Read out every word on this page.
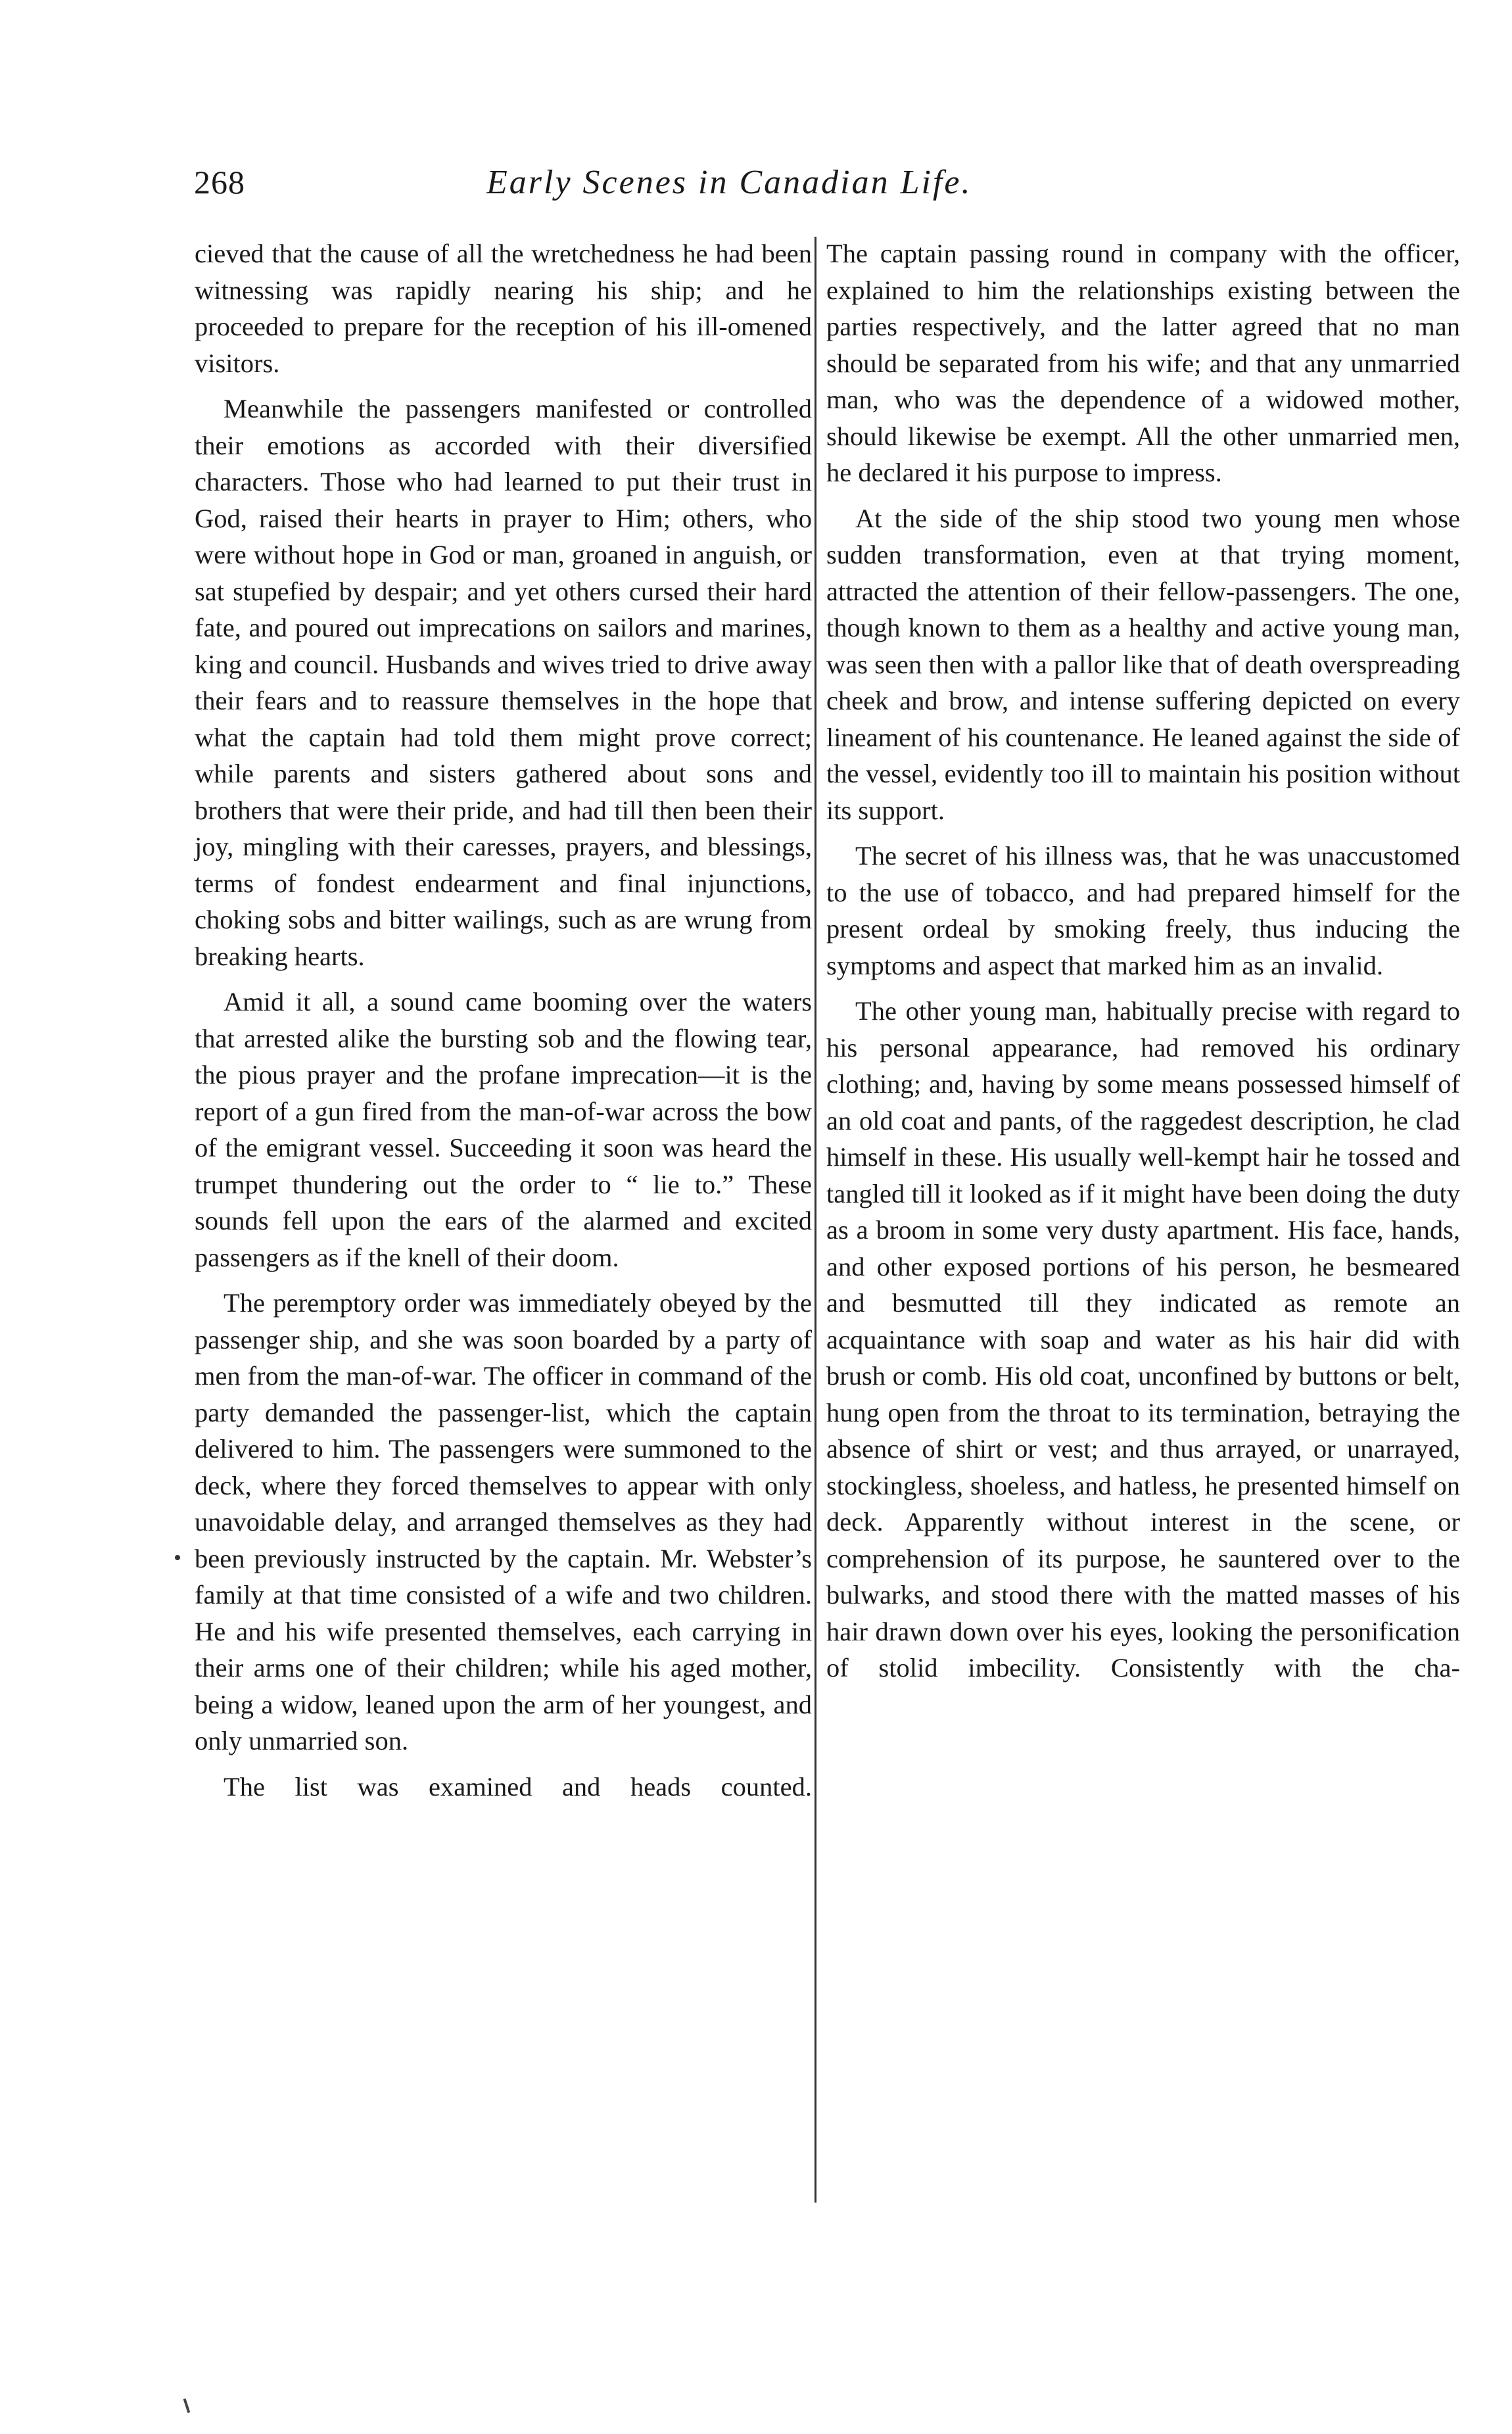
268	Early Scenes in Canadian Life.

cieved that the cause of all the wretchedness he had been witnessing was rapidly nearing his ship; and he proceeded to prepare for the reception of his ill-omened visitors.

Meanwhile the passengers manifested or controlled their emotions as accorded with their diversified characters. Those who had learned to put their trust in God, raised their hearts in prayer to Him; others, who were without hope in God or man, groaned in anguish, or sat stupefied by despair; and yet others cursed their hard fate, and poured out imprecations on sailors and marines, king and council. Husbands and wives tried to drive away their fears and to reassure themselves in the hope that what the captain had told them might prove correct; while parents and sisters gathered about sons and brothers that were their pride, and had till then been their joy, mingling with their caresses, prayers, and blessings, terms of fondest endearment and final injunctions, choking sobs and bitter wailings, such as are wrung from breaking hearts.

Amid it all, a sound came booming over the waters that arrested alike the bursting sob and the flowing tear, the pious prayer and the profane imprecation—it is the report of a gun fired from the man-of-war across the bow of the emigrant vessel. Succeeding it soon was heard the trumpet thundering out the order to “ lie to.” These sounds fell upon the ears of the alarmed and excited passengers as if the knell of their doom.

The peremptory order was immediately obeyed by the passenger ship, and she was soon boarded by a party of men from the man-of-war. The officer in command of the party demanded the passenger-list, which the captain delivered to him. The passengers were summoned to the deck, where they forced themselves to appear with only unavoidable delay, and arranged themselves as they had been previously instructed by the captain. Mr. Webster’s family at that time consisted of a wife and two children. He and his wife presented themselves, each carrying in their arms one of their children; while his aged mother, being a widow, leaned upon the arm of her youngest, and only unmarried son.

The list was examined and heads counted.

The captain passing round in company with the officer, explained to him the relationships existing between the parties respectively, and the latter agreed that no man should be separated from his wife; and that any unmarried man, who was the dependence of a widowed mother, should likewise be exempt. All the other unmarried men, he declared it his purpose to impress.

At the side of the ship stood two young men whose sudden transformation, even at that trying moment, attracted the attention of their fellow-passengers. The one, though known to them as a healthy and active young man, was seen then with a pallor like that of death overspreading cheek and brow, and intense suffering depicted on every lineament of his countenance. He leaned against the side of the vessel, evidently too ill to maintain his position without its support.

The secret of his illness was, that he was unaccustomed to the use of tobacco, and had prepared himself for the present ordeal by smoking freely, thus inducing the symptoms and aspect that marked him as an invalid.

The other young man, habitually precise with regard to his personal appearance, had removed his ordinary clothing; and, having by some means possessed himself of an old coat and pants, of the raggedest description, he clad himself in these. His usually well-kempt hair he tossed and tangled till it looked as if it might have been doing the duty as a broom in some very dusty apartment. His face, hands, and other exposed portions of his person, he besmeared and besmutted till they indicated as remote an acquaintance with soap and water as his hair did with brush or comb. His old coat, unconfined by buttons or belt, hung open from the throat to its termination, betraying the absence of shirt or vest; and thus arrayed, or unarrayed, stockingless, shoeless, and hatless, he presented himself on deck. Apparently without interest in the scene, or comprehension of its purpose, he sauntered over to the bulwarks, and stood there with the matted masses of his hair drawn down over his eyes, looking the personification of stolid imbecility. Consistently with the cha-
